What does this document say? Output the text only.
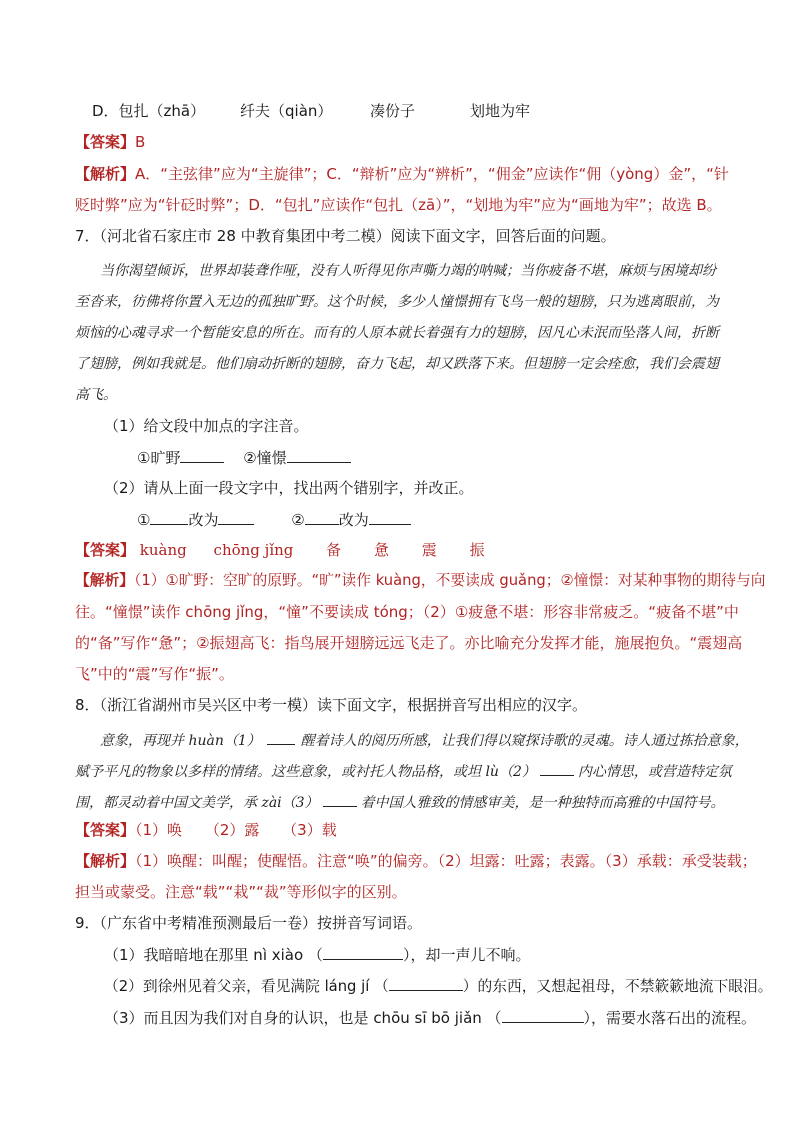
D．包扎（zhā） 纤夫（qiàn）	凑份子	划地为牢
【答案】B
【解析】A．“主弦律”应为“主旋律”；C．“辩析”应为“辨析”，“佣金”应读作“佣（yòng）金”，“针
贬时弊”应为“针砭时弊”；D．“包扎”应读作“包扎（zā）”，“划地为牢”应为“画地为牢”；故选 B。
7．（河北省石家庄市 28 中教育集团中考二模）阅读下面文字，回答后面的问题。
当你渴望倾诉，世界却装聋作哑，没有人听得见你声嘶力竭的呐喊；当你疲备不堪，麻烦与困境却纷
至沓来，彷佛将你置入无边的孤独旷野。这个时候，多少人憧憬拥有飞鸟一般的翅膀，只为逃离眼前，为
烦恼的心魂寻求一个暂能安息的所在。而有的人原本就长着强有力的翅膀，因凡心未泯而坠落人间，折断
了翅膀，例如我就是。他们扇动折断的翅膀，奋力飞起，却又跌落下来。但翅膀一定会痊愈，我们会震翅
高飞。
（1）给文段中加点的字注音。
①旷野	②憧憬
（2）请从上面一段文字中，找出两个错别字，并改正。
①	改为	② 改为
【答案】 kuàng chōng jǐng 备 惫 震 振
【解析】（1）①旷野：空旷的原野。“旷”读作 kuàng，不要读成 guǎng；②憧憬：对某种事物的期待与向
往。“憧憬”读作 chōng jǐng，“憧”不要读成 tóng；（2）①疲惫不堪：形容非常疲乏。“疲备不堪”中
的“备”写作“惫”；②振翅高飞：指鸟展开翅膀远远飞走了。亦比喻充分发挥才能，施展抱负。“震翅高
飞”中的“震”写作“振”。
8．（浙江省湖州市吴兴区中考一模）读下面文字，根据拼音写出相应的汉字。
意象，再现并 huàn（1）	醒着诗人的阅历所感，让我们得以窥探诗歌的灵魂。诗人通过拣拾意象，
赋予平凡的物象以多样的情绪。这些意象，或衬托人物品格，或坦 lù（2）	内心情思，或营造特定氛
围，都灵动着中国文美学，承 zài（3）	着中国人雅致的情感审美，是一种独特而高雅的中国符号。
【答案】（1）唤 （2）露 （3）载
【解析】（1）唤醒：叫醒；使醒悟。注意“唤”的偏旁。（2）坦露：吐露；表露。（3）承载：承受装载；
担当或蒙受。注意“载”“栽”“裁”等形似字的区别。
9．（广东省中考精准预测最后一卷）按拼音写词语。
（1）我暗暗地在那里 nì xiào （	），却一声儿不响。
（2）到徐州见着父亲，看见满院 láng jí （	）的东西，又想起祖母，不禁簌簌地流下眼泪。
（3）而且因为我们对自身的认识，也是 chōu sī bō jiǎn （	），需要水落石出的流程。
